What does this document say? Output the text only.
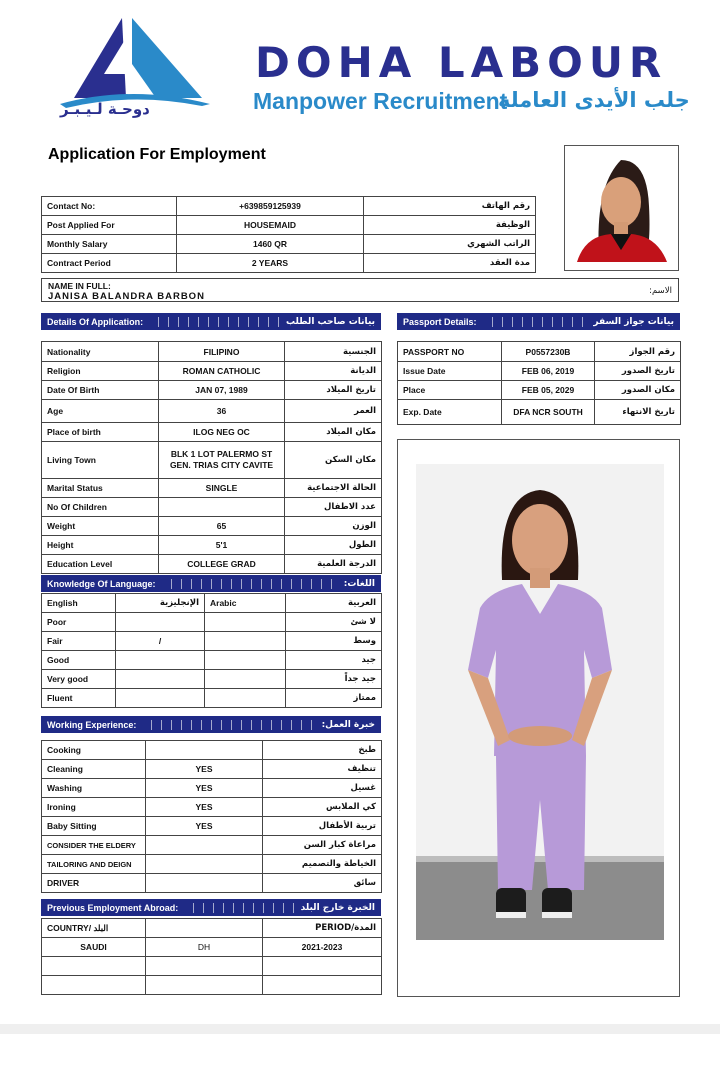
دوحـة لـيـبـر
DOHA LABOUR
Manpower Recruitment
جلب الأيدى العاملة
Application For Employment
Contact No:	+639859125939	رقم الهاتف
Post Applied For	HOUSEMAID	الوظيفة
Monthly Salary	1460 QR	الراتب الشهري
Contract Period	2 YEARS	مدة العقد
NAME IN FULL:
JANISA BALANDRA BARBON	الاسم:
Details Of Application:	بيانات صاحب الطلب
Nationality	FILIPINO	الجنسية
Religion	ROMAN CATHOLIC	الديانة
Date Of Birth	JAN 07, 1989	تاريخ الميلاد
Age	36	العمر
Place of birth	ILOG NEG OC	مكان الميلاد
Living Town	BLK 1 LOT PALERMO ST GEN. TRIAS CITY CAVITE	مكان السكن
Marital Status	SINGLE	الحالة الاجتماعية
No Of Children		عدد الاطفال
Weight	65	الوزن
Height	5'1	الطول
Education Level	COLLEGE GRAD	الدرجة العلمية
Passport Details:	بيانات جواز السفر
PASSPORT NO	P0557230B	رقم الجواز
Issue Date	FEB 06, 2019	تاريخ الصدور
Place	FEB 05, 2029	مكان الصدور
Exp. Date	DFA NCR SOUTH	تاريخ الانتهاء
Knowledge Of Language:	اللغات:
English	الإنجليزية	Arabic	العربية
Poor			لا شئ
Fair	/		وسط
Good			جيد
Very good			جيد جداً
Fluent			ممتاز
Working Experience:	خبرة العمل:
Cooking		طبخ
Cleaning	YES	تنظيف
Washing	YES	غسيل
Ironing	YES	كي الملابس
Baby Sitting	YES	تربية الأطفال
CONSIDER THE ELDERY		مراعاة كبار السن
TAILORING AND DEIGN		الخياطة والتصميم
DRIVER		سائق
Previous Employment Abroad:	الخبرة خارج البلد
COUNTRY/ البلد		PERIOD/المدة
SAUDI	DH	2021-2023
